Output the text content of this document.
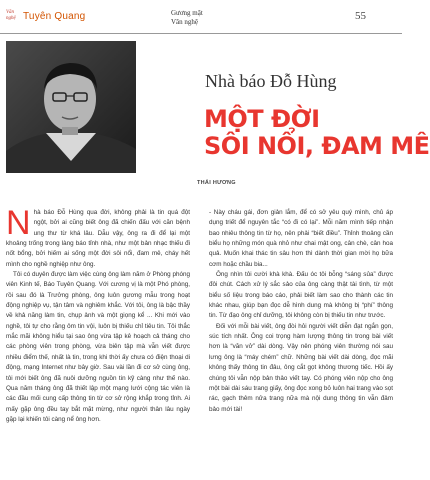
Văn
nghệ Tuyên Quang	Gương mặt
Văn nghệ	55
Nhà báo Đỗ Hùng
MỘT ĐỜI
SÔI NỔI, ĐAM MÊ
THÁI HƯƠNG

Nhà báo Đỗ Hùng qua đời, không phải là tin quá đột ngột, bởi ai cũng biết ông đã chiến đấu với căn bệnh ung thư từ khá lâu. Dẫu vậy, ông ra đi để lại một khoảng trống trong làng báo tỉnh nhà, như một bản nhạc thiếu đi nốt bổng, bởi hiếm ai sống một đời sôi nổi, đam mê, cháy hết mình cho nghề nghiệp như ông.

Tôi có duyên được làm việc cùng ông làm năm ở Phòng phóng viên Kinh tế, Báo Tuyên Quang. Với cương vị là một Phó phòng, rồi sau đó là Trưởng phòng, ông luôn gương mẫu trong hoạt động nghiệp vụ, tận tâm và nghiêm khắc. Với tôi, ông là bậc thầy về khả năng làm tin, chụp ảnh và một giọng kể ... Khi mới vào nghề, tôi tự cho rằng ôm tin vội, luôn bị thiếu chỉ tiêu tin. Tôi thắc mắc mãi không hiểu tại sao ông vừa tập kê hoạch cả tháng cho các phòng viên trong phòng, vừa biên tập mà vẫn viết được nhiều điểm thế, nhất là tin, trong khi thời ấy chưa có điện thoại di động, mạng Internet như bây giờ. Sau vài lần đi cơ sở cùng ông, tôi mới biết ông đã nuôi dưỡng nguồn tin kỹ càng như thế nào. Qua năm tháng ông đã thiết lập một mạng lưới cộng tác viên là các đầu mối cung cấp thông tin từ cơ sở rộng khắp trong tỉnh. Ai mấy gặp ông đều tay bắt mặt mừng, như người thân lâu ngày gặp lại khiến tôi càng nể ông hơn.

- Này cháu gái, đơn giản lắm, để có sở yêu quý mình, chủ áp dụng triết để nguyên tắc “có đi có lại”. Mỗi năm mình tiếp nhận bao nhiêu thông tin từ họ, nên phải “biết điều”. Thỉnh thoảng cần biểu họ những món quà nhỏ như chai mật ong, cân chè, cân hoa quả. Muốn khai thác tin sâu hơn thì dành thời gian mời họ bữa cơm hoặc chầu bia...

Ông nhìn tôi cười khà khà. Đấu óc tôi bỗng “sáng sủa” được đôi chút. Cách xử lý sắc sảo của ông càng thật tài tình, từ một biểu số liệu trong báo cáo, phải biết làm sao cho thành các tin khác nhau, giúp bạn đọc dễ hình dung mà không bị “phí” thông tin. Từ đạo ông chỉ dưỡng, tôi không còn bị thiếu tin như trước.

Đối với mỗi bài viết, ông đòi hỏi người viết diễn đạt ngắn gọn, súc tích nhất. Ông coi trọng hàm lượng thông tin trong bài viết hơn là “văn vở” dài dòng. Vậy nên phóng viên thường nói sau lưng ông là “máy chém” chữ. Những bài viết dài dòng, đọc mãi không thấy thông tin đâu, ông cắt gọt không thương tiếc. Hồi ấy chúng tôi vẫn nộp bản thảo viết tay. Có phóng viên nộp cho ông một bài dài sáu trang giấy, ông đọc xong bỏ luôn hai trang vào sọt rác, gạch thêm nửa trang nữa mà nội dung thông tin vẫn đảm bảo mới tài!
